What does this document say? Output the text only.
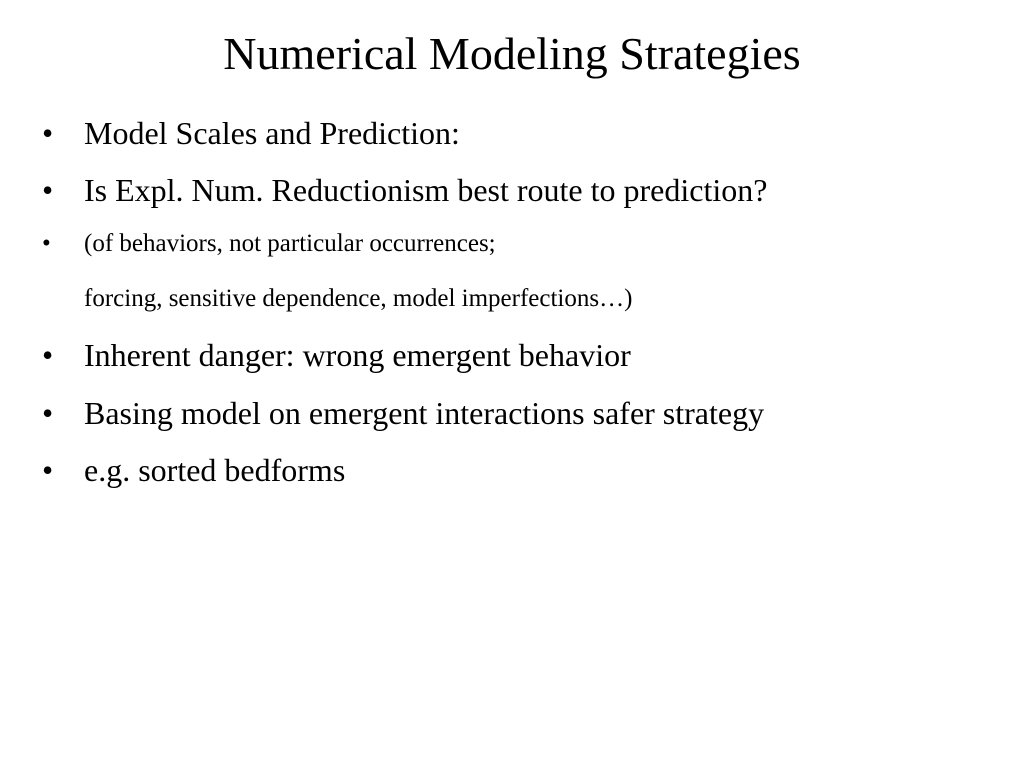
Numerical Modeling Strategies
• Model Scales and Prediction:
• Is Expl. Num. Reductionism best route to prediction?
• (of behaviors, not particular occurrences;
forcing, sensitive dependence, model imperfections…)
• Inherent danger: wrong emergent behavior
• Basing model on emergent interactions safer strategy
• e.g. sorted bedforms
